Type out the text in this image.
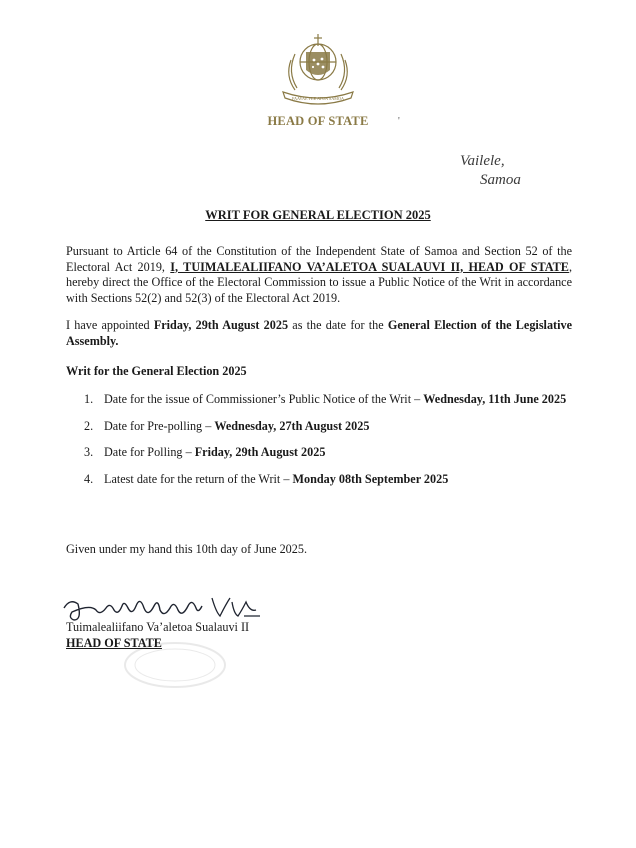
FAAVAE I LE ATUA SAMOA
HEAD OF STATE	'
Vailele,
Samoa
WRIT FOR GENERAL ELECTION 2025
Pursuant to Article 64 of the Constitution of the Independent State of Samoa and Section 52 of the Electoral Act 2019, I, TUIMALEALIIFANO VA’ALETOA SUALAUVI II, HEAD OF STATE, hereby direct the Office of the Electoral Commission to issue a Public Notice of the Writ in accordance with Sections 52(2) and 52(3) of the Electoral Act 2019.
I have appointed Friday, 29th August 2025 as the date for the General Election of the Legislative Assembly.
Writ for the General Election 2025
1. Date for the issue of Commissioner’s Public Notice of the Writ – Wednesday, 11th June 2025
2. Date for Pre-polling – Wednesday, 27th August 2025
3. Date for Polling – Friday, 29th August 2025
4. Latest date for the return of the Writ – Monday 08th September 2025
Given under my hand this 10th day of June 2025.
Tuimalealiifano Va’aletoa Sualauvi II
HEAD OF STATE
